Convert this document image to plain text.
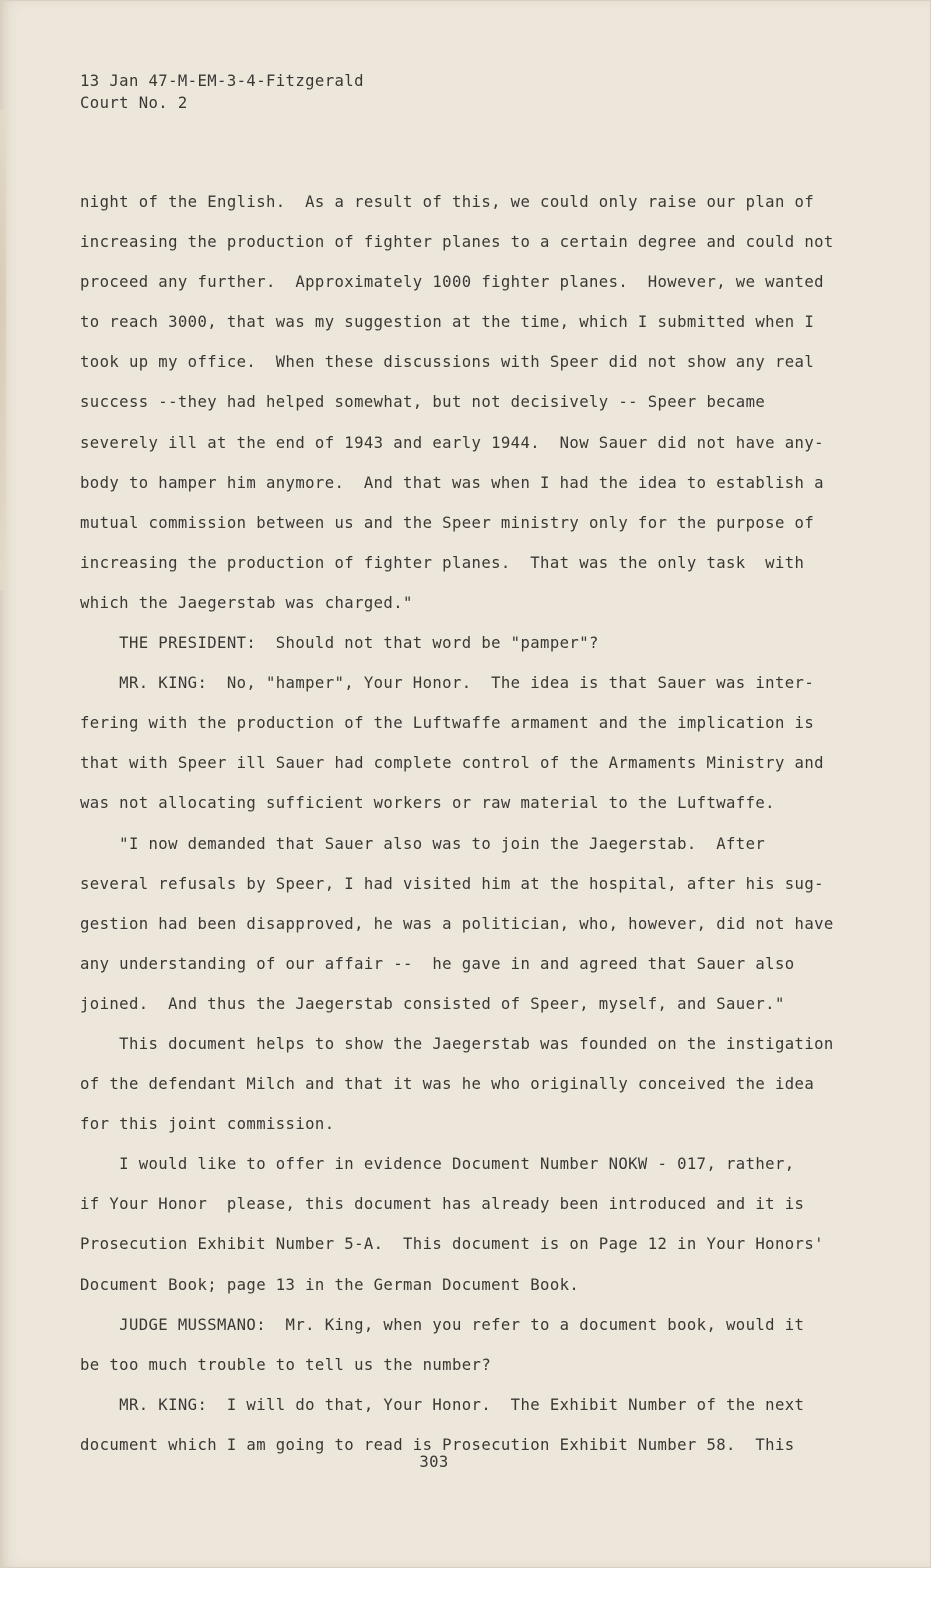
13 Jan 47-M-EM-3-4-Fitzgerald
Court No. 2
night of the English.  As a result of this, we could only raise our plan of
increasing the production of fighter planes to a certain degree and could not
proceed any further.  Approximately 1000 fighter planes.  However, we wanted
to reach 3000, that was my suggestion at the time, which I submitted when I
took up my office.  When these discussions with Speer did not show any real
success --they had helped somewhat, but not decisively -- Speer became
severely ill at the end of 1943 and early 1944.  Now Sauer did not have any-
body to hamper him anymore.  And that was when I had the idea to establish a
mutual commission between us and the Speer ministry only for the purpose of
increasing the production of fighter planes.  That was the only task  with
which the Jaegerstab was charged."
THE PRESIDENT:  Should not that word be "pamper"?
MR. KING:  No, "hamper", Your Honor.  The idea is that Sauer was inter-
fering with the production of the Luftwaffe armament and the implication is
that with Speer ill Sauer had complete control of the Armaments Ministry and
was not allocating sufficient workers or raw material to the Luftwaffe.
"I now demanded that Sauer also was to join the Jaegerstab.  After
several refusals by Speer, I had visited him at the hospital, after his sug-
gestion had been disapproved, he was a politician, who, however, did not have
any understanding of our affair --  he gave in and agreed that Sauer also
joined.  And thus the Jaegerstab consisted of Speer, myself, and Sauer."
This document helps to show the Jaegerstab was founded on the instigation
of the defendant Milch and that it was he who originally conceived the idea
for this joint commission.
I would like to offer in evidence Document Number NOKW - 017, rather,
if Your Honor  please, this document has already been introduced and it is
Prosecution Exhibit Number 5-A.  This document is on Page 12 in Your Honors'
Document Book; page 13 in the German Document Book.
JUDGE MUSSMANO:  Mr. King, when you refer to a document book, would it
be too much trouble to tell us the number?
MR. KING:  I will do that, Your Honor.  The Exhibit Number of the next
document which I am going to read is Prosecution Exhibit Number 58.  This
303
